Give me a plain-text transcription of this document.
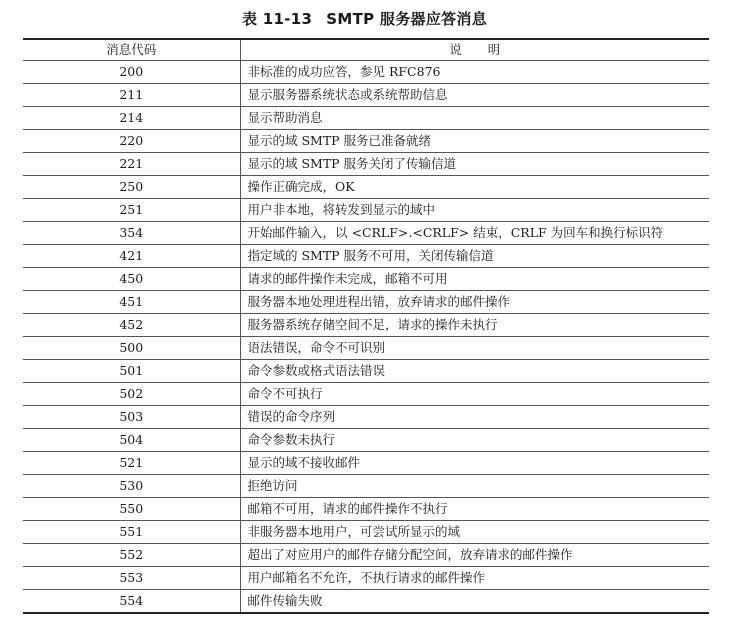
表 11-13 SMTP 服务器应答消息
消息代码	说明
200	非标准的成功应答，参见 RFC876
211	显示服务器系统状态或系统帮助信息
214	显示帮助消息
220	显示的域 SMTP 服务已准备就绪
221	显示的域 SMTP 服务关闭了传输信道
250	操作正确完成，OK
251	用户非本地，将转发到显示的域中
354	开始邮件输入，以 <CRLF>.<CRLF> 结束，CRLF 为回车和换行标识符
421	指定域的 SMTP 服务不可用，关闭传输信道
450	请求的邮件操作未完成，邮箱不可用
451	服务器本地处理进程出错，放弃请求的邮件操作
452	服务器系统存储空间不足，请求的操作未执行
500	语法错误，命令不可识别
501	命令参数或格式语法错误
502	命令不可执行
503	错误的命令序列
504	命令参数未执行
521	显示的域不接收邮件
530	拒绝访问
550	邮箱不可用，请求的邮件操作不执行
551	非服务器本地用户，可尝试所显示的域
552	超出了对应用户的邮件存储分配空间，放弃请求的邮件操作
553	用户邮箱名不允许，不执行请求的邮件操作
554	邮件传输失败
